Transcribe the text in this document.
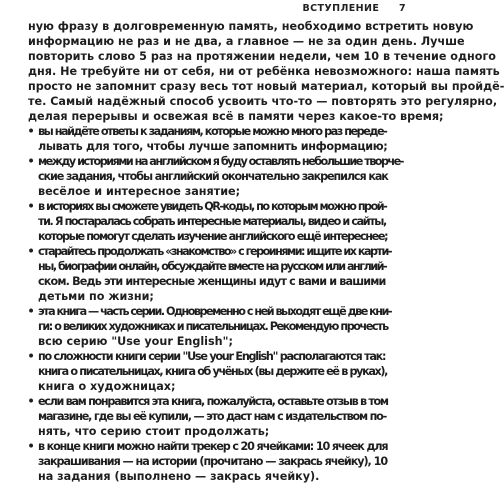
ВСТУПЛЕНИЕ 7
ную фразу в долговременную память, необходимо встретить новую
информацию не раз и не два, а главное — не за один день. Лучше
повторить слово 5 раз на протяжении недели, чем 10 в течение одного
дня. Не требуйте ни от себя, ни от ребёнка невозможного: наша память
просто не запомнит сразу весь тот новый материал, который вы пройдё-
те. Самый надёжный способ усвоить что-то — повторять это регулярно,
делая перерывы и освежая всё в памяти через какое-то время;
• вы найдёте ответы к заданиям, которые можно много раз переде-
лывать для того, чтобы лучше запомнить информацию;
• между историями на английском я буду оставлять небольшие творче-
ские задания, чтобы английский окончательно закрепился как
весёлое и интересное занятие;
• в историях вы сможете увидеть QR-коды, по которым можно прой-
ти. Я постаралась собрать интересные материалы, видео и сайты,
которые помогут сделать изучение английского ещё интереснее;
• старайтесь продолжать «знакомство» с героинями: ищите их карти-
ны, биографии онлайн, обсуждайте вместе на русском или англий-
ском. Ведь эти интересные женщины идут с вами и вашими
детьми по жизни;
• эта книга — часть серии. Одновременно с ней выходят ещё две кни-
ги: о великих художниках и писательницах. Рекомендую прочесть
всю серию "Use your English";
• по сложности книги серии "Use your English" располагаются так:
книга о писательницах, книга об учёных (вы держите её в руках),
книга о художницах;
• если вам понравится эта книга, пожалуйста, оставьте отзыв в том
магазине, где вы её купили, — это даст нам с издательством по-
нять, что серию стоит продолжать;
• в конце книги можно найти трекер с 20 ячейками: 10 ячеек для
закрашивания — на истории (прочитано — закрась ячейку), 10
на задания (выполнено — закрась ячейку).
